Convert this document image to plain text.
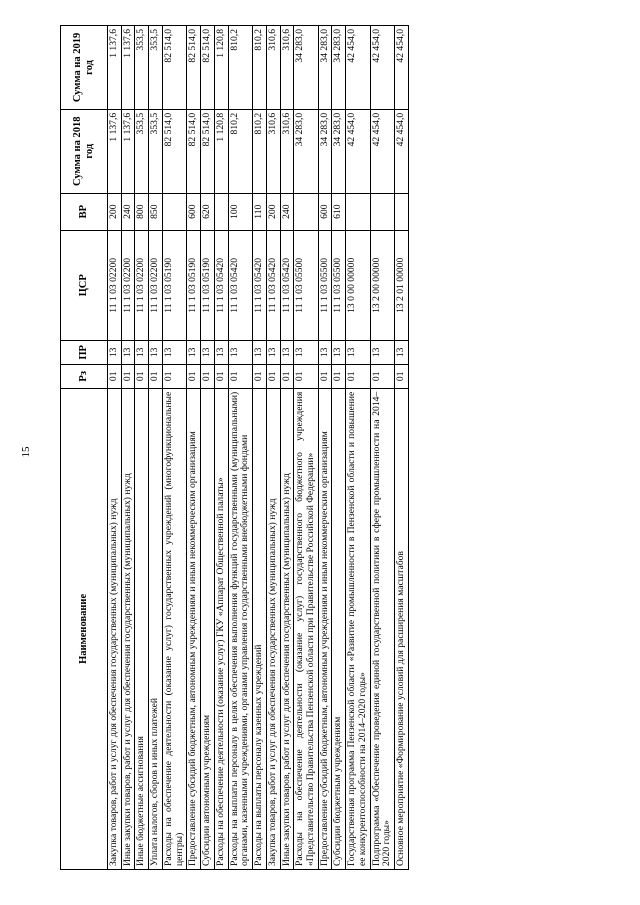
15
Наименование	Рз	ПР	ЦСР	ВР	Сумма на 2018 год	Сумма на 2019 год
Закупка товаров, работ и услуг для обеспечения государственных (муниципальных) нужд	01	13	11 1 03 02200	200	1 137,6	1 137,6
Иные закупки товаров, работ и услуг для обеспечения государственных (муниципальных) нужд	01	13	11 1 03 02200	240	1 137,6	1 137,6
Иные бюджетные ассигнования	01	13	11 1 03 02200	800	353,5	353,5
Уплата налогов, сборов и иных платежей	01	13	11 1 03 02200	850	353,5	353,5
Расходы на обеспечение деятельности (оказание услуг) государственных учреждений (многофункциональные центры)	01	13	11 1 03 05190		82 514,0	82 514,0
Предоставление субсидий бюджетным, автономным учреждениям и иным некоммерческим организациям	01	13	11 1 03 05190	600	82 514,0	82 514,0
Субсидии автономным учреждениям	01	13	11 1 03 05190	620	82 514,0	82 514,0
Расходы на обеспечение деятельности (оказание услуг) ГКУ «Аппарат Общественной палаты»	01	13	11 1 03 05420		1 120,8	1 120,8
Расходы на выплаты персоналу в целях обеспечения выполнения функций государственными (муниципальными) органами, казенными учреждениями, органами управления государственными внебюджетными фондами	01	13	11 1 03 05420	100	810,2	810,2
Расходы на выплаты персоналу казенных учреждений	01	13	11 1 03 05420	110	810,2	810,2
Закупка товаров, работ и услуг для обеспечения государственных (муниципальных) нужд	01	13	11 1 03 05420	200	310,6	310,6
Иные закупки товаров, работ и услуг для обеспечения государственных (муниципальных) нужд	01	13	11 1 03 05420	240	310,6	310,6
Расходы на обеспечение деятельности (оказание услуг) государственного бюджетного учреждения «Представительство Правительства Пензенской области при Правительстве Российской Федерации»	01	13	11 1 03 05500		34 283,0	34 283,0
Предоставление субсидий бюджетным, автономным учреждениям и иным некоммерческим организациям	01	13	11 1 03 05500	600	34 283,0	34 283,0
Субсидии бюджетным учреждениям	01	13	11 1 03 05500	610	34 283,0	34 283,0
Государственная программа Пензенской области «Развитие промышленности в Пензенской области и повышение ее конкурентоспособности на 2014–2020 годы»	01	13	13 0 00 00000		42 454,0	42 454,0
Подпрограмма «Обеспечение проведения единой государственной политики в сфере промышленности на 2014–2020 годы»	01	13	13 2 00 00000		42 454,0	42 454,0
Основное мероприятие «Формирование условий для расширения масштабов	01	13	13 2 01 00000		42 454,0	42 454,0
